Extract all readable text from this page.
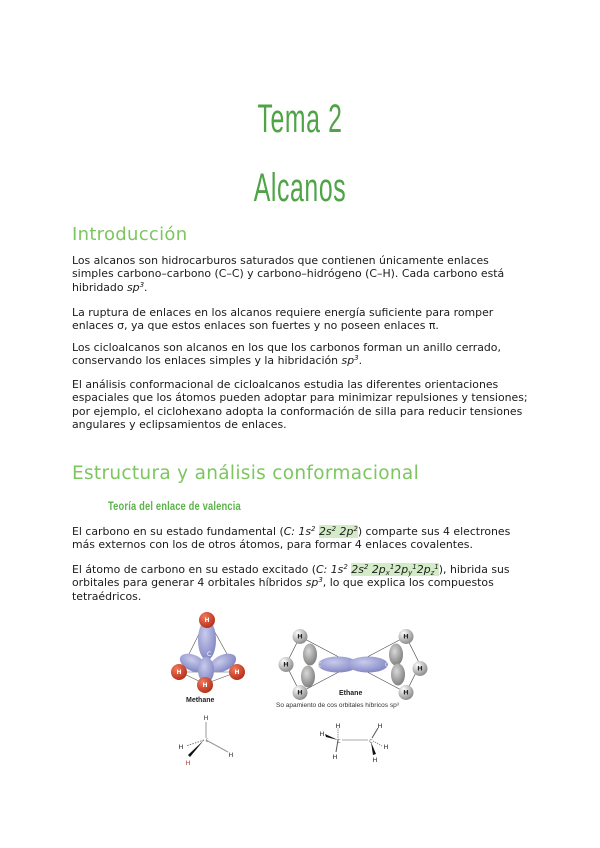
Tema 2
Alcanos
Introducción

Los alcanos son hidrocarburos saturados que contienen únicamente enlaces simples carbono–carbono (C–C) y carbono–hidrógeno (C–H). Cada carbono está hibridado $sp^3$.

La ruptura de enlaces en los alcanos requiere energía suficiente para romper enlaces σ, ya que estos enlaces son fuertes y no poseen enlaces π.

Los cicloalcanos son alcanos en los que los carbonos forman un anillo cerrado, conservando los enlaces simples y la hibridación $sp^3$.

El análisis conformacional de cicloalcanos estudia las diferentes orientaciones espaciales que los átomos pueden adoptar para minimizar repulsiones y tensiones; por ejemplo, el ciclohexano adopta la conformación de silla para reducir tensiones angulares y eclipsamientos de enlaces.

Estructura y análisis conformacional
Teoría del enlace de valencia

El carbono en su estado fundamental (C: $1s^2$ $2s^2$ $2p^2$) comparte sus 4 electrones más externos con los de otros átomos, para formar 4 enlaces covalentes.

El átomo de carbono en su estado excitado (C: $1s^2$ $2s^2$ $2p_x^12p_y^12p_z^1$), hibrida sus orbitales para generar 4 orbitales híbridos $sp^3$, lo que explica los compuestos tetraédricos.

C
H
H	H
H
Methane
H
H
H
H
H
H
C	C
Ethane
So apamiento de cos orbitales híbricos sp³
H
C
H
H
H
H
H
C
H
C
H
H
H
